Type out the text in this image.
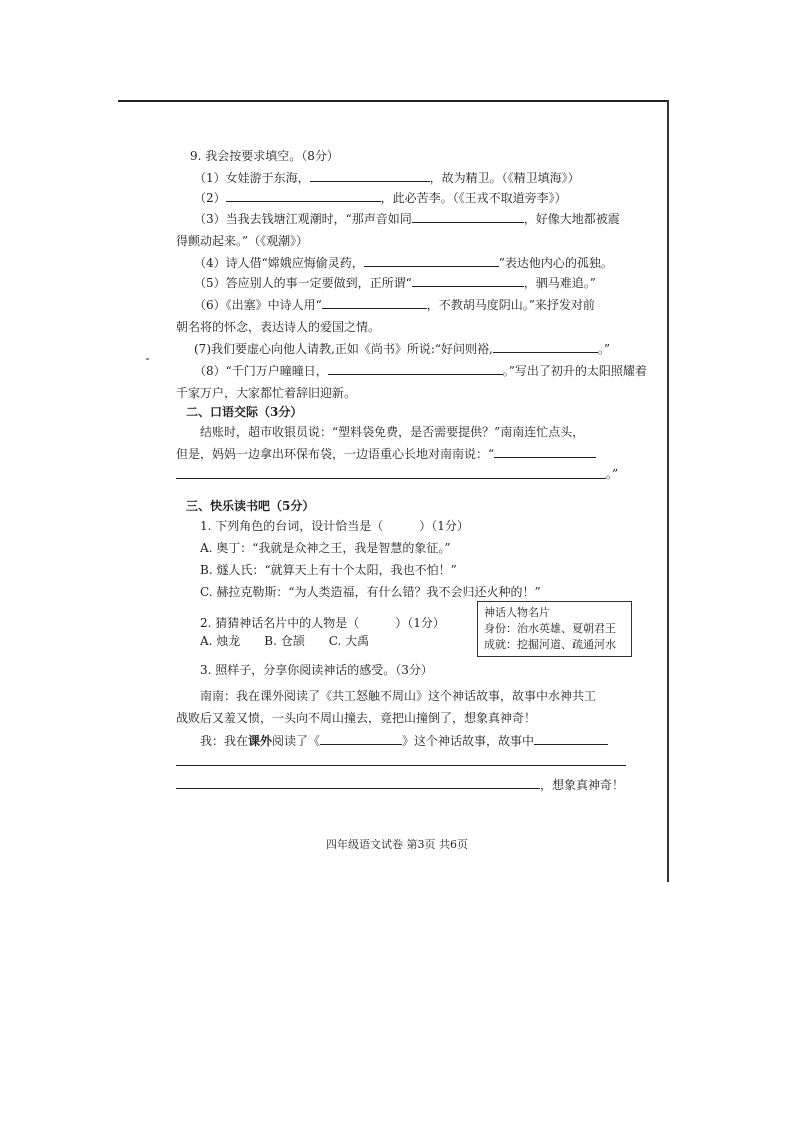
9. 我会按要求填空。（8分）
（1）女娃游于东海，	，故为精卫。（《精卫填海》）
（2）	，此必苦李。（《王戎不取道旁李》）
（3）当我去钱塘江观潮时，“那声音如同	，好像大地都被震
得颤动起来。”（《观潮》）
（4）诗人借“嫦娥应悔偷灵药，	”表达他内心的孤独。
（5）答应别人的事一定要做到，正所谓“	，驷马难追。”
（6）《出塞》中诗人用“	，不教胡马度阴山。”来抒发对前
朝名将的怀念，表达诗人的爱国之情。
(7)我们要虚心向他人请教,正如《尚书》所说:“好问则裕,	。”
（8）“千门万户曈曈日，	。”写出了初升的太阳照耀着
千家万户，大家都忙着辞旧迎新。
二、口语交际（3分）
结账时，超市收银员说：“塑料袋免费，是否需要提供？”南南连忙点头，
但是，妈妈一边拿出环保布袋，一边语重心长地对南南说：“
。”
三、快乐读书吧（5分）
1. 下列角色的台词，设计恰当是（　　　）（1分）
A. 奥丁：“我就是众神之王，我是智慧的象征。”
B. 燧人氏：“就算天上有十个太阳，我也不怕！”
C. 赫拉克勒斯：“为人类造福，有什么错？我不会归还火种的！”
2. 猜猜神话名片中的人物是（　　　）（1分）
A. 烛龙　　B. 仓颉　　C. 大禹
神话人物名片
身份：治水英雄、夏朝君王
成就：挖掘河道、疏通河水
3. 照样子，分享你阅读神话的感受。（3分）
南南：我在课外阅读了《共工怒触不周山》这个神话故事，故事中水神共工
战败后又羞又愤，一头向不周山撞去，竟把山撞倒了，想象真神奇！
我：我在课外阅读了《	》这个神话故事，故事中
，想象真神奇！
四年级语文试卷 第3页 共6页
